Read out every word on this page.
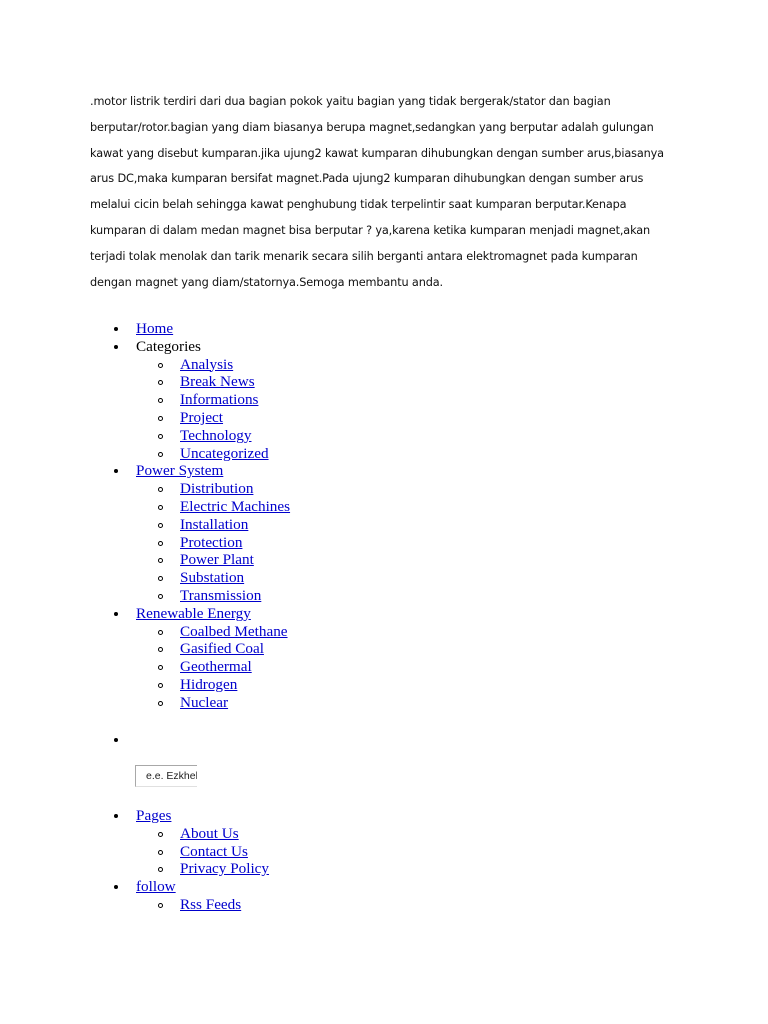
.motor listrik terdiri dari dua bagian pokok yaitu bagian yang tidak bergerak/stator dan bagian
berputar/rotor.bagian yang diam biasanya berupa magnet,sedangkan yang berputar adalah gulungan
kawat yang disebut kumparan.jika ujung2 kawat kumparan dihubungkan dengan sumber arus,biasanya
arus DC,maka kumparan bersifat magnet.Pada ujung2 kumparan dihubungkan dengan sumber arus
melalui cicin belah sehingga kawat penghubung tidak terpelintir saat kumparan berputar.Kenapa
kumparan di dalam medan magnet bisa berputar ? ya,karena ketika kumparan menjadi magnet,akan
terjadi tolak menolak dan tarik menarik secara silih berganti antara elektromagnet pada kumparan
dengan magnet yang diam/statornya.Semoga membantu anda.
Home
Categories
Analysis
Break News
Informations
Project
Technology
Uncategorized
Power System
Distribution
Electric Machines
Installation
Protection
Power Plant
Substation
Transmission
Renewable Energy
Coalbed Methane
Gasified Coal
Geothermal
Hidrogen
Nuclear
e.e. Ezkhel
Pages
About Us
Contact Us
Privacy Policy
follow
Rss Feeds
